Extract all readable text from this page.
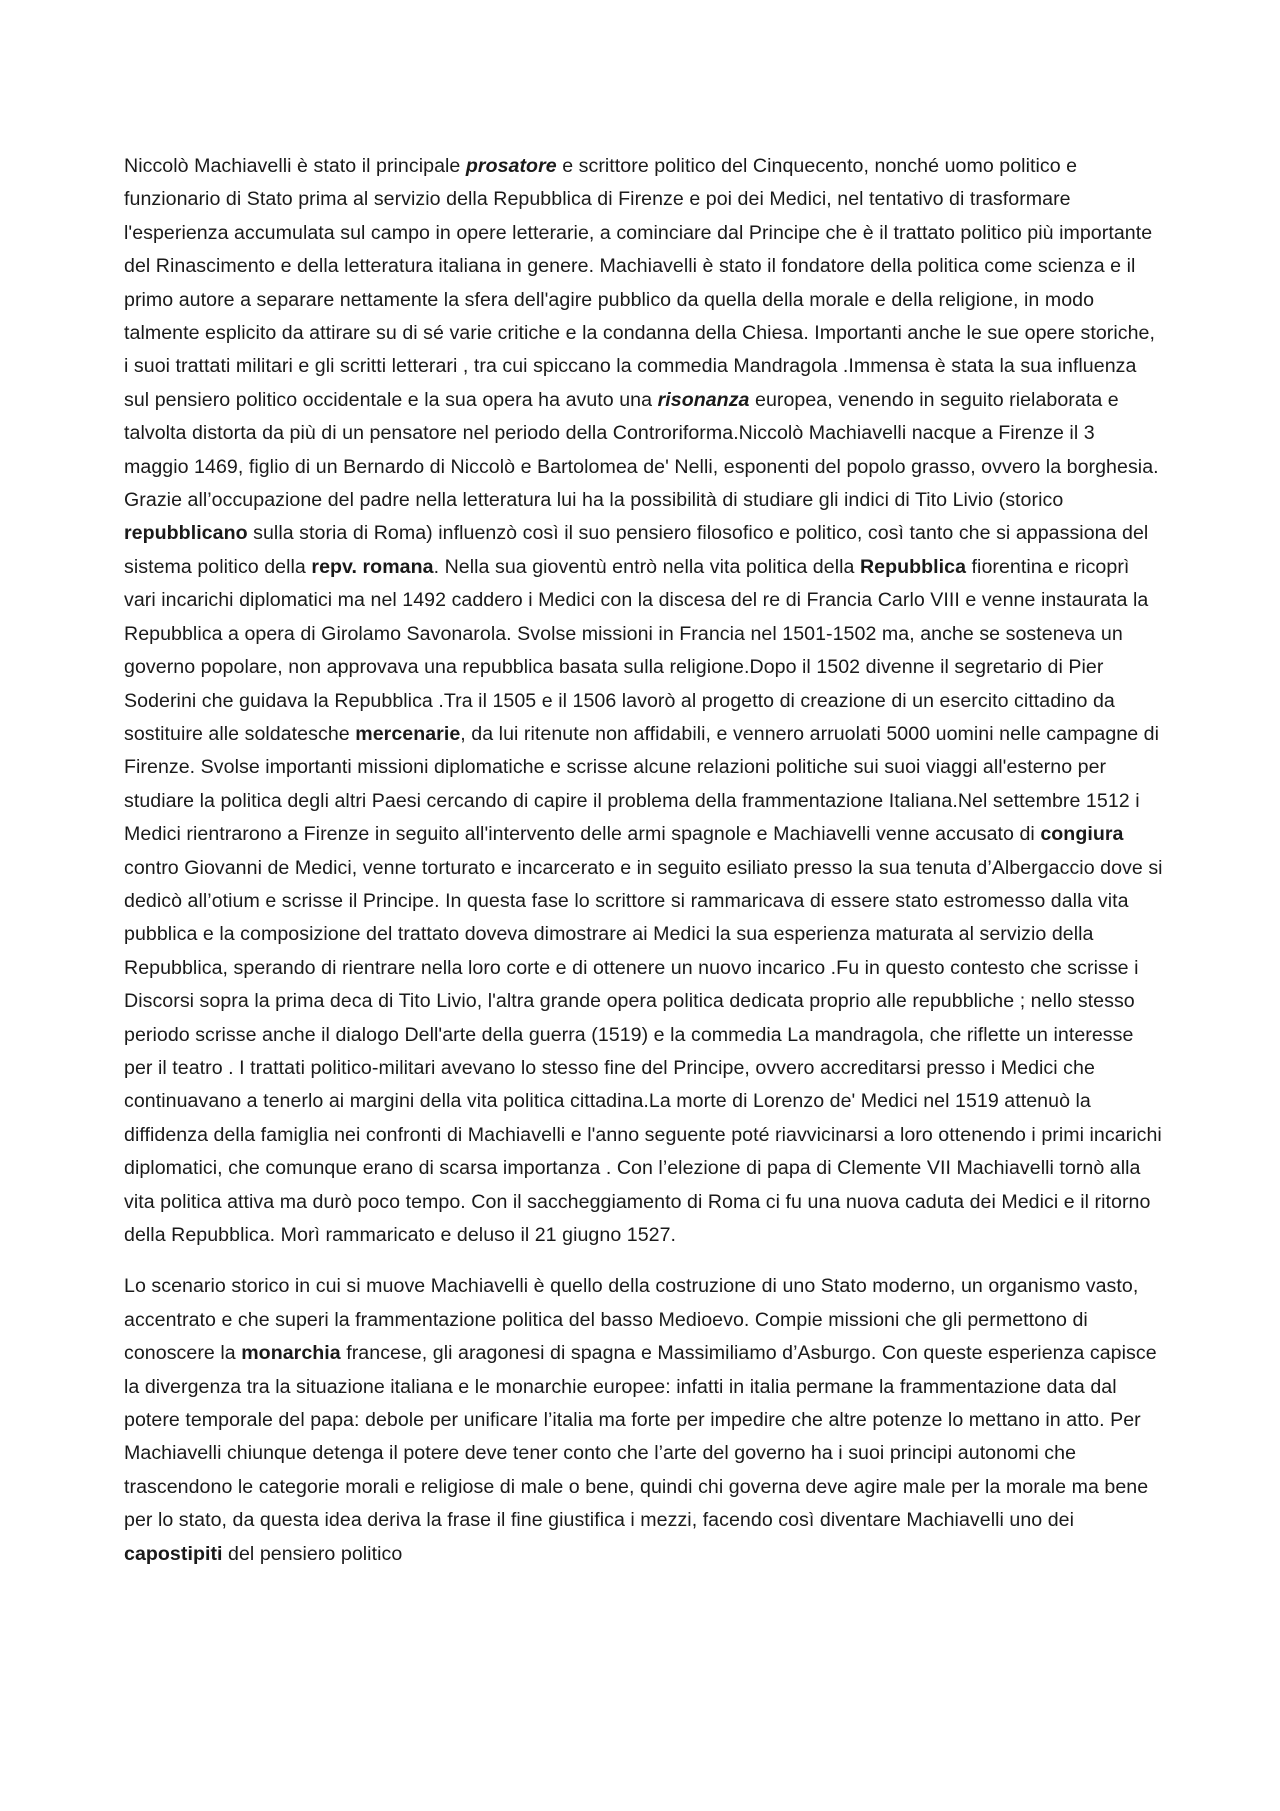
Niccolò Machiavelli è stato il principale prosatore e scrittore politico del Cinquecento, nonché uomo politico e funzionario di Stato prima al servizio della Repubblica di Firenze e poi dei Medici, nel tentativo di trasformare l'esperienza accumulata sul campo in opere letterarie, a cominciare dal Principe che è il trattato politico più importante del Rinascimento e della letteratura italiana in genere. Machiavelli è stato il fondatore della politica come scienza e il primo autore a separare nettamente la sfera dell'agire pubblico da quella della morale e della religione, in modo talmente esplicito da attirare su di sé varie critiche e la condanna della Chiesa. Importanti anche le sue opere storiche, i suoi trattati militari e gli scritti letterari , tra cui spiccano la commedia Mandragola .Immensa è stata la sua influenza sul pensiero politico occidentale e la sua opera ha avuto una risonanza europea, venendo in seguito rielaborata e talvolta distorta da più di un pensatore nel periodo della Controriforma.Niccolò Machiavelli nacque a Firenze il 3 maggio 1469, figlio di un Bernardo di Niccolò e Bartolomea de' Nelli, esponenti del popolo grasso, ovvero la borghesia. Grazie all’occupazione del padre nella letteratura lui ha la possibilità di studiare gli indici di Tito Livio (storico repubblicano sulla storia di Roma) influenzò così il suo pensiero filosofico e politico, così tanto che si appassiona del sistema politico della repv. romana. Nella sua gioventù entrò nella vita politica della Repubblica fiorentina e ricoprì vari incarichi diplomatici ma nel 1492 caddero i Medici con la discesa del re di Francia Carlo VIII e venne instaurata la Repubblica a opera di Girolamo Savonarola. Svolse missioni in Francia nel 1501-1502 ma, anche se sosteneva un governo popolare, non approvava una repubblica basata sulla religione.Dopo il 1502 divenne il segretario di Pier Soderini che guidava la Repubblica .Tra il 1505 e il 1506 lavorò al progetto di creazione di un esercito cittadino da sostituire alle soldatesche mercenarie, da lui ritenute non affidabili, e vennero arruolati 5000 uomini nelle campagne di Firenze. Svolse importanti missioni diplomatiche e scrisse alcune relazioni politiche sui suoi viaggi all'esterno per studiare la politica degli altri Paesi cercando di capire il problema della frammentazione Italiana.Nel settembre 1512 i Medici rientrarono a Firenze in seguito all'intervento delle armi spagnole e Machiavelli venne accusato di congiura contro Giovanni de Medici, venne torturato e incarcerato e in seguito esiliato presso la sua tenuta d’Albergaccio dove si dedicò all’otium e scrisse il Principe. In questa fase lo scrittore si rammaricava di essere stato estromesso dalla vita pubblica e la composizione del trattato doveva dimostrare ai Medici la sua esperienza maturata al servizio della Repubblica, sperando di rientrare nella loro corte e di ottenere un nuovo incarico .Fu in questo contesto che scrisse i Discorsi sopra la prima deca di Tito Livio, l'altra grande opera politica dedicata proprio alle repubbliche ; nello stesso periodo scrisse anche il dialogo Dell'arte della guerra (1519) e la commedia La mandragola, che riflette un interesse per il teatro . I trattati politico-militari avevano lo stesso fine del Principe, ovvero accreditarsi presso i Medici che continuavano a tenerlo ai margini della vita politica cittadina.La morte di Lorenzo de' Medici nel 1519 attenuò la diffidenza della famiglia nei confronti di Machiavelli e l'anno seguente poté riavvicinarsi a loro ottenendo i primi incarichi diplomatici, che comunque erano di scarsa importanza . Con l’elezione di papa di Clemente VII Machiavelli tornò alla vita politica attiva ma durò poco tempo. Con il saccheggiamento di Roma ci fu una nuova caduta dei Medici e il ritorno della Repubblica. Morì rammaricato e deluso il 21 giugno 1527.

Lo scenario storico in cui si muove Machiavelli è quello della costruzione di uno Stato moderno, un organismo vasto, accentrato e che superi la frammentazione politica del basso Medioevo. Compie missioni che gli permettono di conoscere la monarchia francese, gli aragonesi di spagna e Massimiliamo d’Asburgo. Con queste esperienza capisce la divergenza tra la situazione italiana e le monarchie europee: infatti in italia permane la frammentazione data dal potere temporale del papa: debole per unificare l’italia ma forte per impedire che altre potenze lo mettano in atto. Per Machiavelli chiunque detenga il potere deve tener conto che l’arte del governo ha i suoi principi autonomi che trascendono le categorie morali e religiose di male o bene, quindi chi governa deve agire male per la morale ma bene per lo stato, da questa idea deriva la frase il fine giustifica i mezzi, facendo così diventare Machiavelli uno dei capostipiti del pensiero politico
